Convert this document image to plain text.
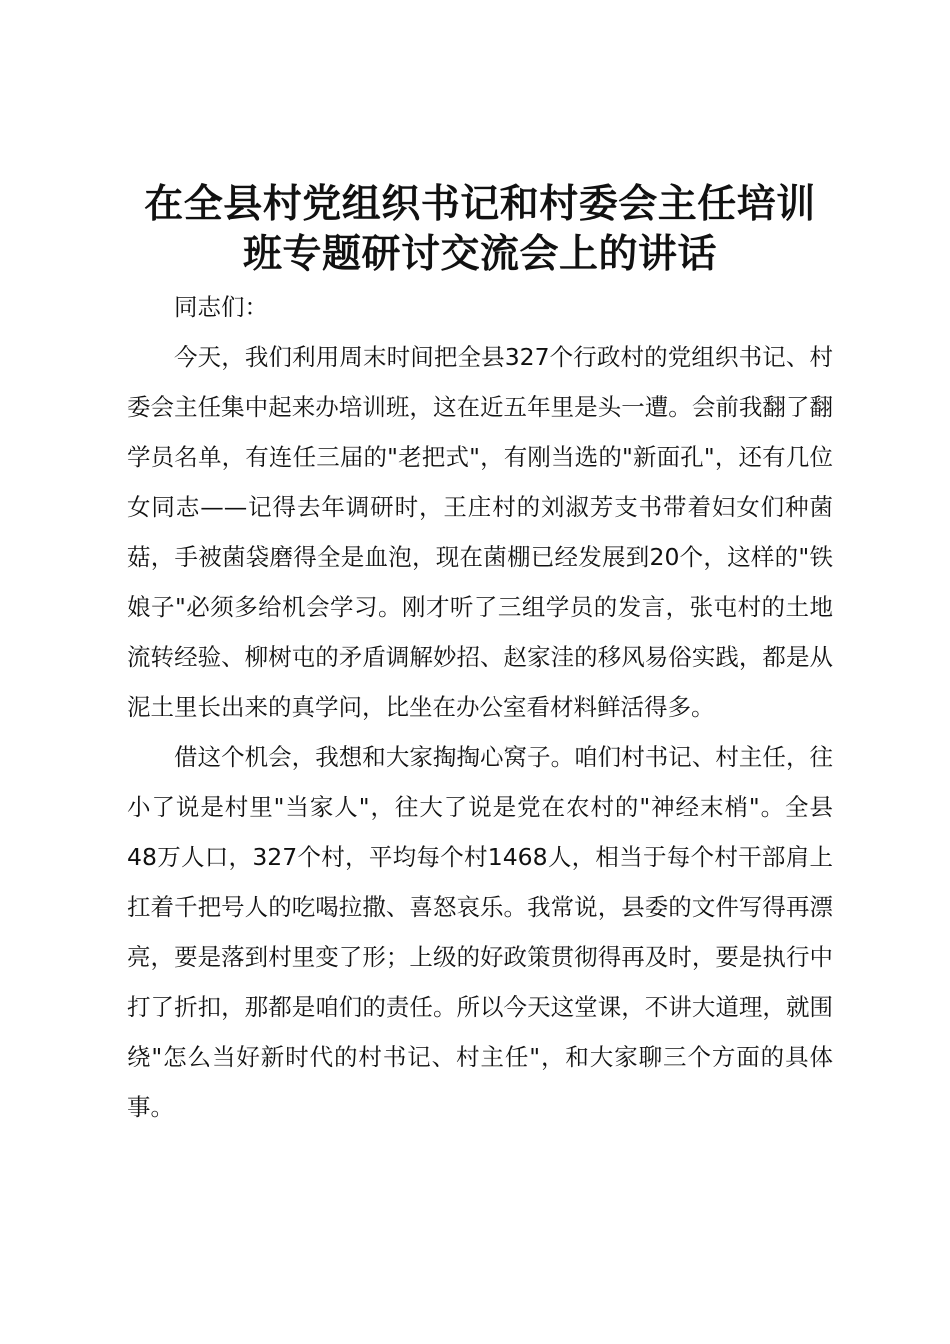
在全县村党组织书记和村委会主任培训班专题研讨交流会上的讲话

同志们：

今天，我们利用周末时间把全县327个行政村的党组织书记、村委会主任集中起来办培训班，这在近五年里是头一遭。会前我翻了翻学员名单，有连任三届的"老把式"，有刚当选的"新面孔"，还有几位女同志——记得去年调研时，王庄村的刘淑芳支书带着妇女们种菌菇，手被菌袋磨得全是血泡，现在菌棚已经发展到20个，这样的"铁娘子"必须多给机会学习。刚才听了三组学员的发言，张屯村的土地流转经验、柳树屯的矛盾调解妙招、赵家洼的移风易俗实践，都是从泥土里长出来的真学问，比坐在办公室看材料鲜活得多。

借这个机会，我想和大家掏掏心窝子。咱们村书记、村主任，往小了说是村里"当家人"，往大了说是党在农村的"神经末梢"。全县48万人口，327个村，平均每个村1468人，相当于每个村干部肩上扛着千把号人的吃喝拉撒、喜怒哀乐。我常说，县委的文件写得再漂亮，要是落到村里变了形；上级的好政策贯彻得再及时，要是执行中打了折扣，那都是咱们的责任。所以今天这堂课，不讲大道理，就围绕"怎么当好新时代的村书记、村主任"，和大家聊三个方面的具体事。
